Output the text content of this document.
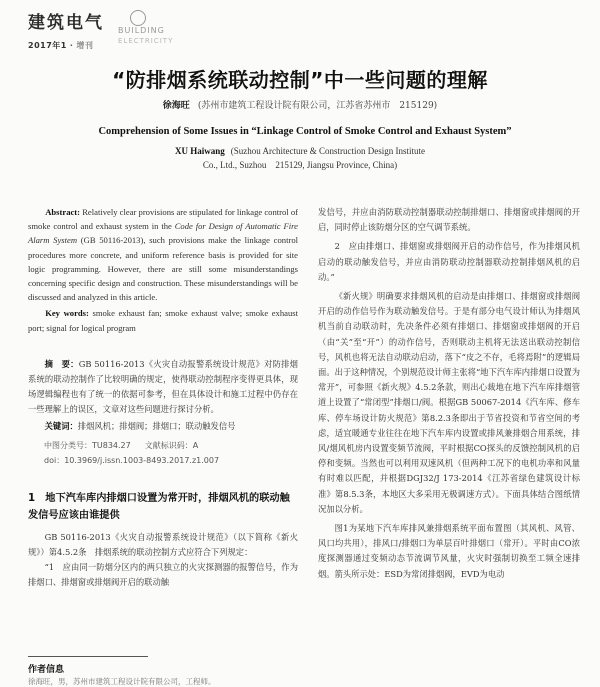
建筑电气 BUILDING
ELECTRICITY
2017年1 · 增刊
“防排烟系统联动控制”中一些问题的理解
徐海旺 (苏州市建筑工程设计院有限公司，江苏省苏州市　215129)
Comprehension of Some Issues in “Linkage Control of Smoke Control and Exhaust System”
XU Haiwang (Suzhou Architecture & Construction Design Institute
Co., Ltd., Suzhou　215129, Jiangsu Province, China)
Abstract: Relatively clear provisions are stipulated for linkage control of smoke control and exhaust system in the Code for Design of Automatic Fire Alarm System (GB 50116-2013), such provisions make the linkage control procedures more concrete, and uniform reference basis is provided for site logic programming. However, there are still some misunderstandings concerning specific design and construction. These misunderstandings will be discussed and analyzed in this article.
Key words: smoke exhaust fan; smoke exhaust valve; smoke exhaust port; signal for logical program
摘　要：GB 50116-2013《火灾自动报警系统设计规范》对防排烟系统的联动控制作了比较明确的规定，使得联动控制程序变得更具体，现场逻辑编程也有了统一的依据可参考，但在具体设计和施工过程中仍存在一些理解上的误区，文章对这些问题进行探讨分析。
关键词：排烟风机；排烟阀；排烟口；联动触发信号
中图分类号：TU834.27 文献标识码：A
doi：10.3969/j.issn.1003-8493.2017.z1.007
1　地下汽车库内排烟口设置为常开时，排烟风机的联动触发信号应该由谁提供
GB 50116-2013《火灾自动报警系统设计规范》（以下简称《新火规》）第4.5.2条　排烟系统的联动控制方式应符合下列规定：
“1　应由同一防烟分区内的两只独立的火灾探测器的报警信号，作为排烟口、排烟窗或排烟阀开启的联动触

发信号，并应由消防联动控制器联动控制排烟口、排烟窗或排烟阀的开启，同时停止该防烟分区的空气调节系统。

2　应由排烟口、排烟窗或排烟阀开启的动作信号，作为排烟风机启动的联动触发信号，并应由消防联动控制器联动控制排烟风机的启动。”

《新火规》明确要求排烟风机的启动是由排烟口、排烟窗或排烟阀开启的动作信号作为联动触发信号。于是有部分电气设计师认为排烟风机当前自动联动时，先决条件必须有排烟口、排烟窗或排烟阀的开启（由“关”至“开”）的动作信号，否则联动主机将无法送出联动控制信号，风机也将无法自动联动启动，落下“皮之不存，毛将焉附”的逻辑局面。出于这种情况，个别规范设计师主张将“地下汽车库内排烟口设置为常开”，可参照《新火规》4.5.2条款，则出心裁地在地下汽车库排烟管道上设置了“常闭型”排烟口/阀。根据GB 50067-2014《汽车库、修车库、停车场设计防火规范》第8.2.3条即出于节省投资和节省空间的考虑，适宜暖通专业往往在地下汽车库内设置或排风兼排烟合用系统，排风/烟风机房内设置变频节流阀，平时根据CO探头的反馈控制风机的启停和变频。当然也可以利用双速风机（但两种工况下的电机功率和风量有时难以匹配，并根据DGJ32/J 173-2014《江苏省绿色建筑设计标准》第8.5.3条，本地区大多采用无极调速方式）。下面具体结合图纸情况加以分析。

图1为某地下汽车库排风兼排烟系统平面布置图（其风机、风管、风口均共用），排风口/排烟口为单层百叶排烟口（常开）。平时由CO浓度探测器通过变频动态节流调节风量，火灾时强制切换至工频全速排烟。箭头所示处：ESD为常闭排烟阀，EVD为电动

作者信息
徐海旺，男，苏州市建筑工程设计院有限公司，工程师。
